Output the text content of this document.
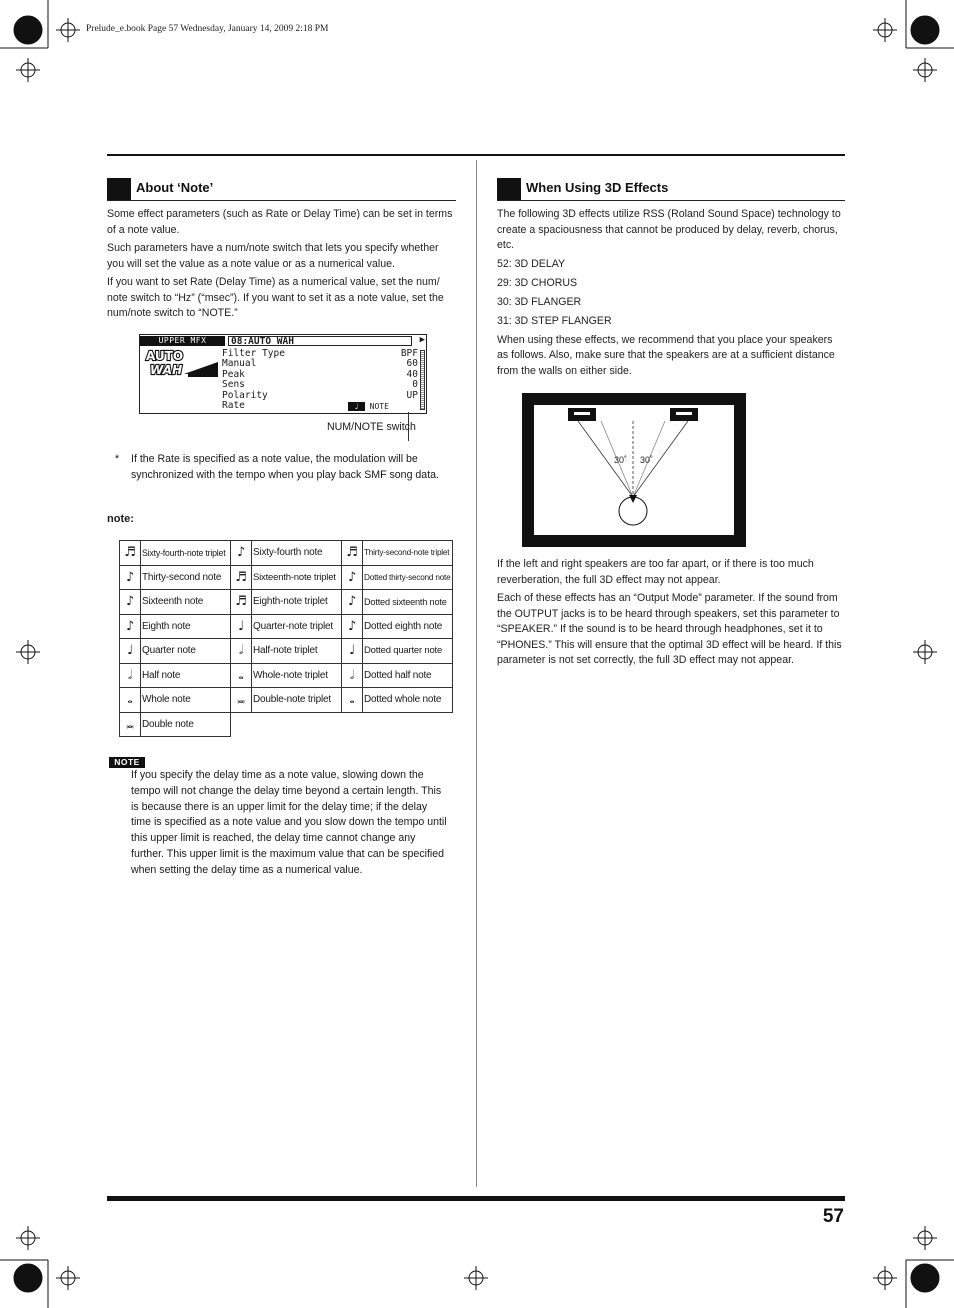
Prelude_e.book Page 57 Wednesday, January 14, 2009 2:18 PM
About ‘Note’

Some effect parameters (such as Rate or Delay Time) can be set in terms of a note value.

Such parameters have a num/note switch that lets you specify whether you will set the value as a note value or as a numerical value.

If you want to set Rate (Delay Time) as a numerical value, set the num/ note switch to “Hz” (“msec”). If you want to set it as a note value, set the num/note switch to “NOTE.”

UPPER MFX	08:AUTO WAH	▶
AUTO
WAH
Filter Type	BPF
Manual	60
Peak	40
Sens	0
Polarity	UP
Rate	♩ NOTE
NUM/NOTE switch
* If the Rate is specified as a note value, the modulation will be synchronized with the tempo when you play back SMF song data.
note:
♬	Sixty-fourth-note triplet	♪	Sixty-fourth note	♬	Thirty-second-note triplet
♪	Thirty-second note	♬	Sixteenth-note triplet	♪	Dotted thirty-second note
♪	Sixteenth note	♬	Eighth-note triplet	♪	Dotted sixteenth note
♪	Eighth note	♩	Quarter-note triplet	♪	Dotted eighth note
♩	Quarter note	𝅗𝅥	Half-note triplet	♩	Dotted quarter note
𝅗𝅥	Half note	𝅝	Whole-note triplet	𝅗𝅥	Dotted half note
𝅝	Whole note	𝅜	Double-note triplet	𝅝	Dotted whole note
𝅜	Double note				
NOTE
If you specify the delay time as a note value, slowing down the tempo will not change the delay time beyond a certain length. This is because there is an upper limit for the delay time; if the delay time is specified as a note value and you slow down the tempo until this upper limit is reached, the delay time cannot change any further. This upper limit is the maximum value that can be specified when setting the delay time as a numerical value.
When Using 3D Effects

The following 3D effects utilize RSS (Roland Sound Space) technology to create a spaciousness that cannot be produced by delay, reverb, chorus, etc.

52: 3D DELAY

29: 3D CHORUS

30: 3D FLANGER

31: 3D STEP FLANGER

When using these effects, we recommend that you place your speakers as follows. Also, make sure that the speakers are at a sufficient distance from the walls on either side.

30˚ 30˚

If the left and right speakers are too far apart, or if there is too much reverberation, the full 3D effect may not appear.

Each of these effects has an “Output Mode” parameter. If the sound from the OUTPUT jacks is to be heard through speakers, set this parameter to “SPEAKER.” If the sound is to be heard through headphones, set it to “PHONES.” This will ensure that the optimal 3D effect will be heard. If this parameter is not set correctly, the full 3D effect may not appear.

57
